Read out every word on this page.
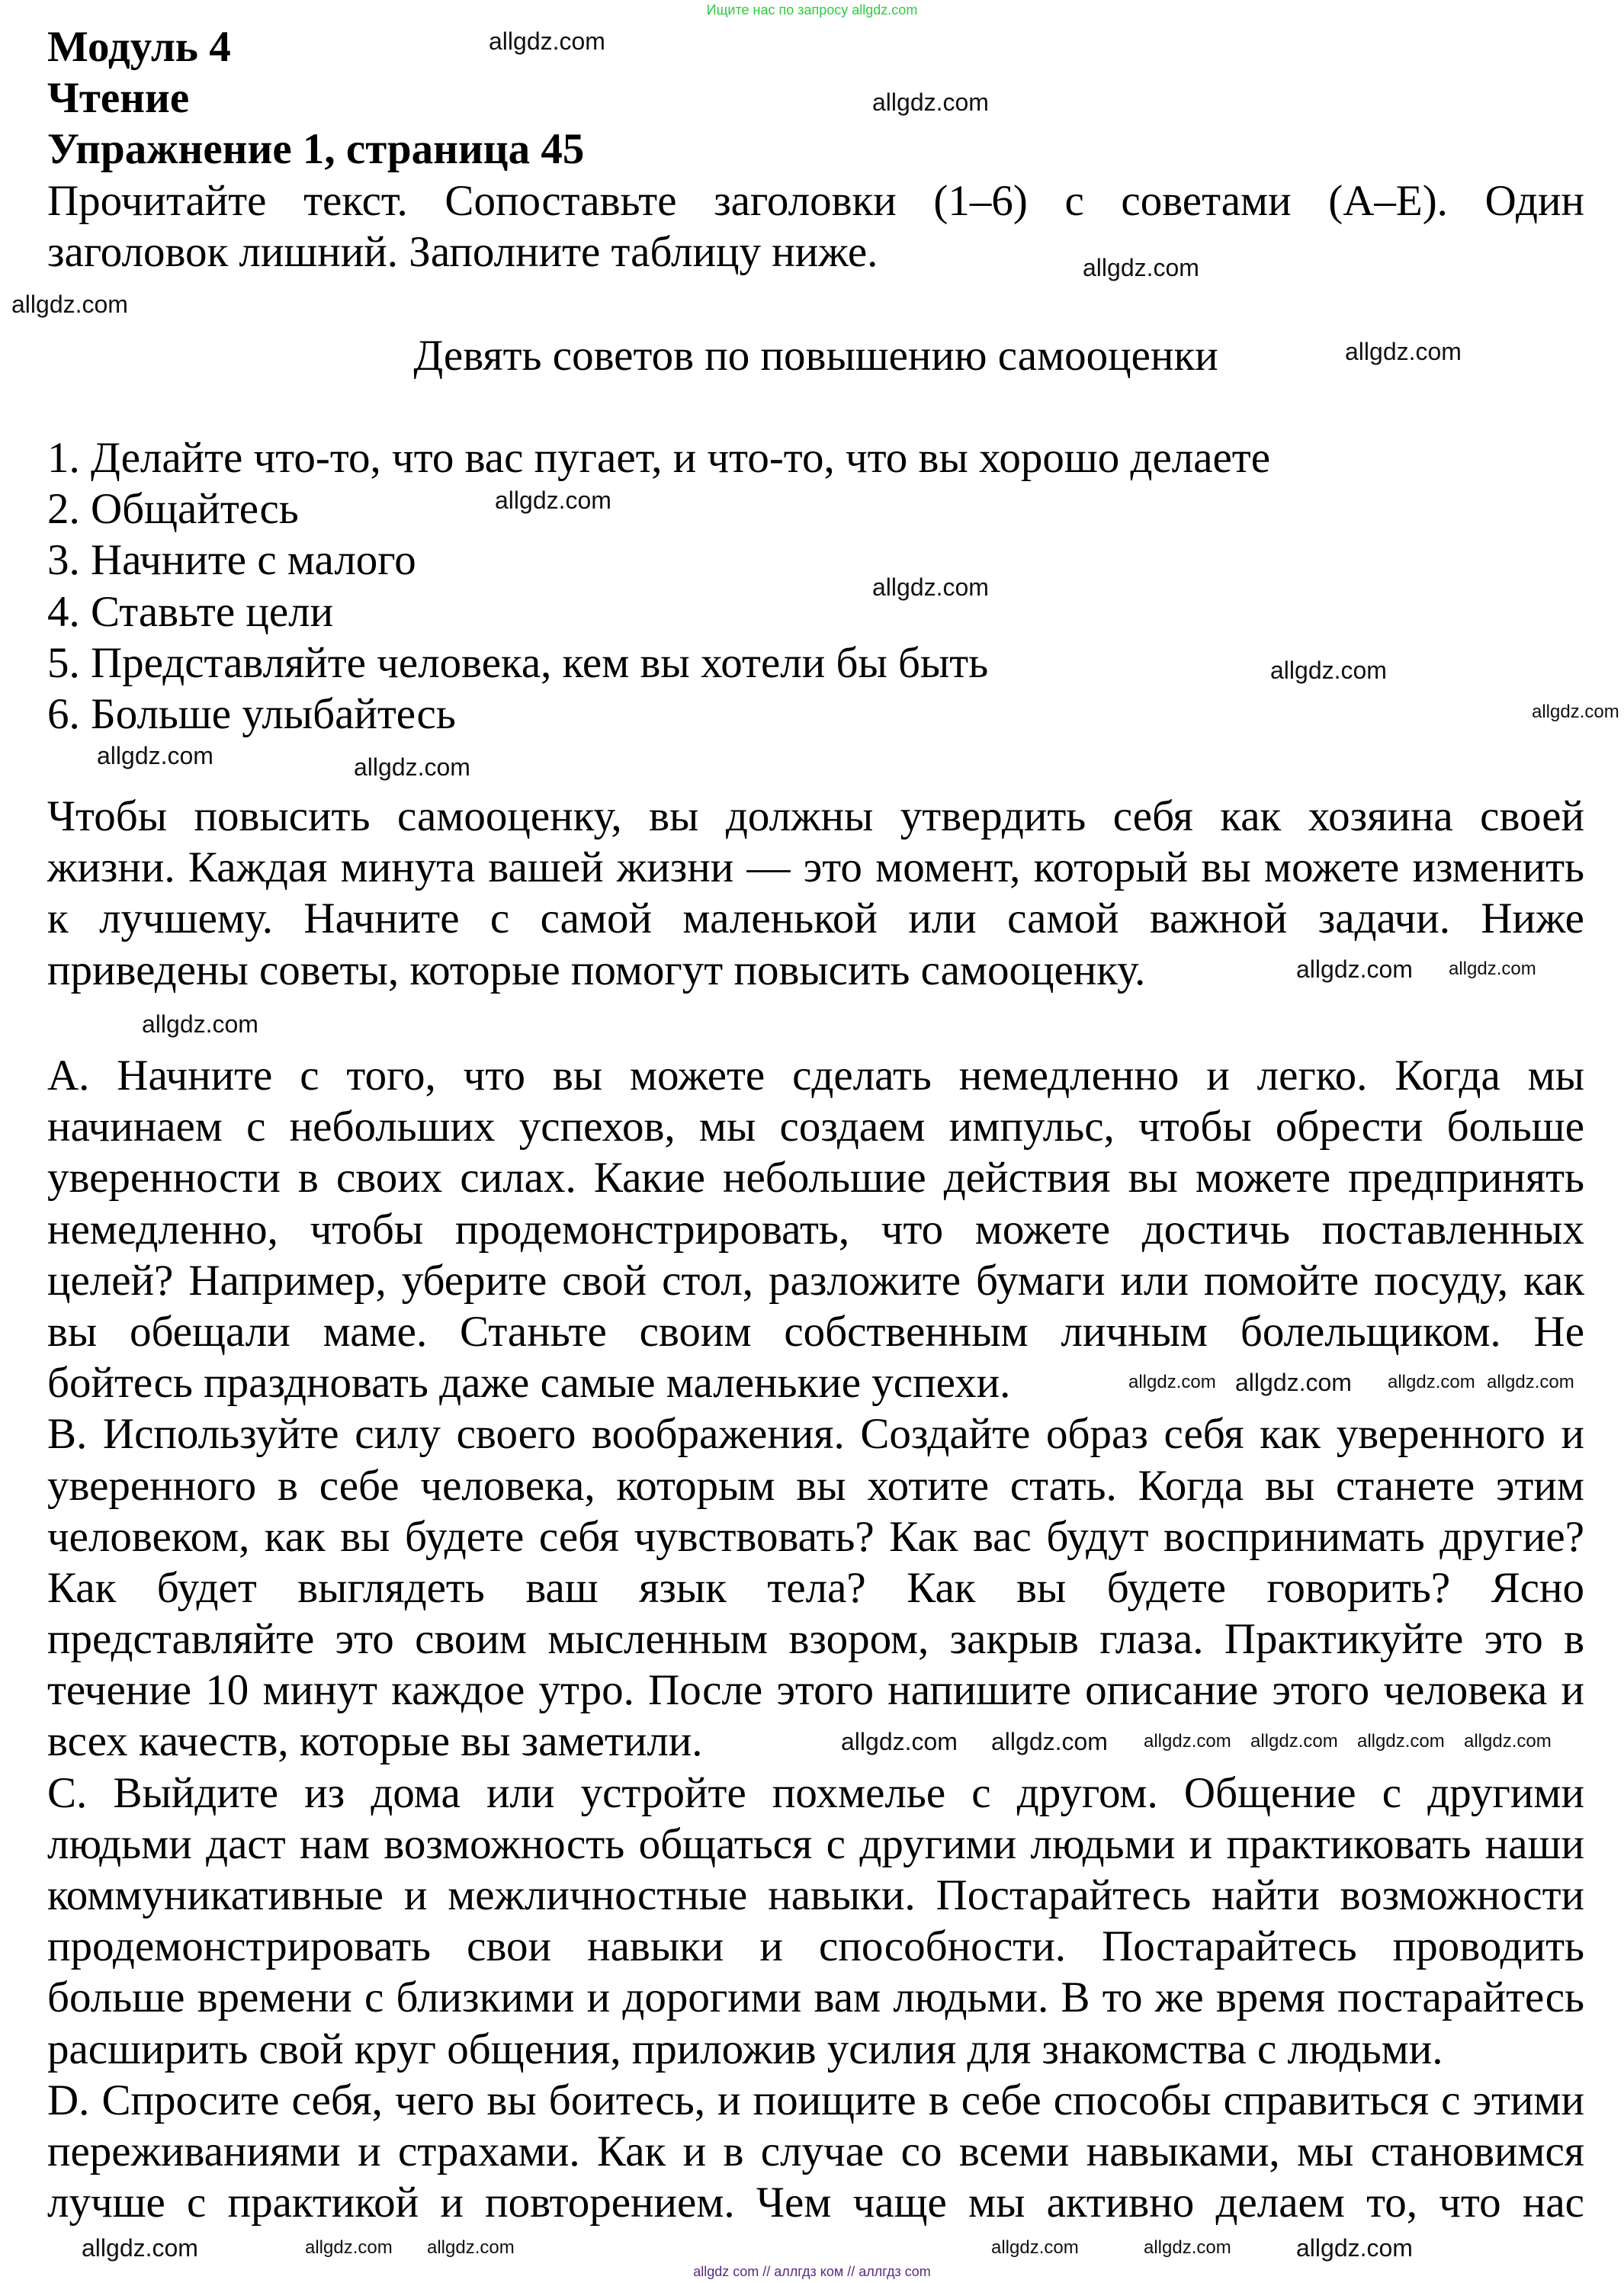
Ищите нас по запросу allgdz.com
Модуль 4
Чтение
Упражнение 1, страница 45
Прочитайте текст. Сопоставьте заголовки (1–6) с советами (А–Е). Один
заголовок лишний. Заполните таблицу ниже.
Девять советов по повышению самооценки
1. Делайте что-то, что вас пугает, и что-то, что вы хорошо делаете
2. Общайтесь
3. Начните с малого
4. Ставьте цели
5. Представляйте человека, кем вы хотели бы быть
6. Больше улыбайтесь
Чтобы повысить самооценку, вы должны утвердить себя как хозяина своей
жизни. Каждая минута вашей жизни — это момент, который вы можете изменить
к лучшему. Начните с самой маленькой или самой важной задачи. Ниже
приведены советы, которые помогут повысить самооценку.
A. Начните с того, что вы можете сделать немедленно и легко. Когда мы
начинаем с небольших успехов, мы создаем импульс, чтобы обрести больше
уверенности в своих силах. Какие небольшие действия вы можете предпринять
немедленно, чтобы продемонстрировать, что можете достичь поставленных
целей? Например, уберите свой стол, разложите бумаги или помойте посуду, как
вы обещали маме. Станьте своим собственным личным болельщиком. Не
бойтесь праздновать даже самые маленькие успехи.
B. Используйте силу своего воображения. Создайте образ себя как уверенного и
уверенного в себе человека, которым вы хотите стать. Когда вы станете этим
человеком, как вы будете себя чувствовать? Как вас будут воспринимать другие?
Как будет выглядеть ваш язык тела? Как вы будете говорить? Ясно
представляйте это своим мысленным взором, закрыв глаза. Практикуйте это в
течение 10 минут каждое утро. После этого напишите описание этого человека и
всех качеств, которые вы заметили.
C. Выйдите из дома или устройте похмелье с другом. Общение с другими
людьми даст нам возможность общаться с другими людьми и практиковать наши
коммуникативные и межличностные навыки. Постарайтесь найти возможности
продемонстрировать свои навыки и способности. Постарайтесь проводить
больше времени с близкими и дорогими вам людьми. В то же время постарайтесь
расширить свой круг общения, приложив усилия для знакомства с людьми.
D. Спросите себя, чего вы боитесь, и поищите в себе способы справиться с этими
переживаниями и страхами. Как и в случае со всеми навыками, мы становимся
лучше с практикой и повторением. Чем чаще мы активно делаем то, что нас
allgdz.com
allgdz.com
allgdz.com
allgdz.com
allgdz.com
allgdz.com
allgdz.com
allgdz.com
allgdz.com
allgdz.com	allgdz.com
allgdz.com allgdz.com
allgdz.com
allgdz.com allgdz.com allgdz.com allgdz.com
allgdz.com allgdz.com allgdz.com allgdz.com allgdz.com allgdz.com
allgdz.com	allgdz.com allgdz.com	allgdz.com	allgdz.com	allgdz.com
allgdz com // аллгдз ком // аллгдз com
